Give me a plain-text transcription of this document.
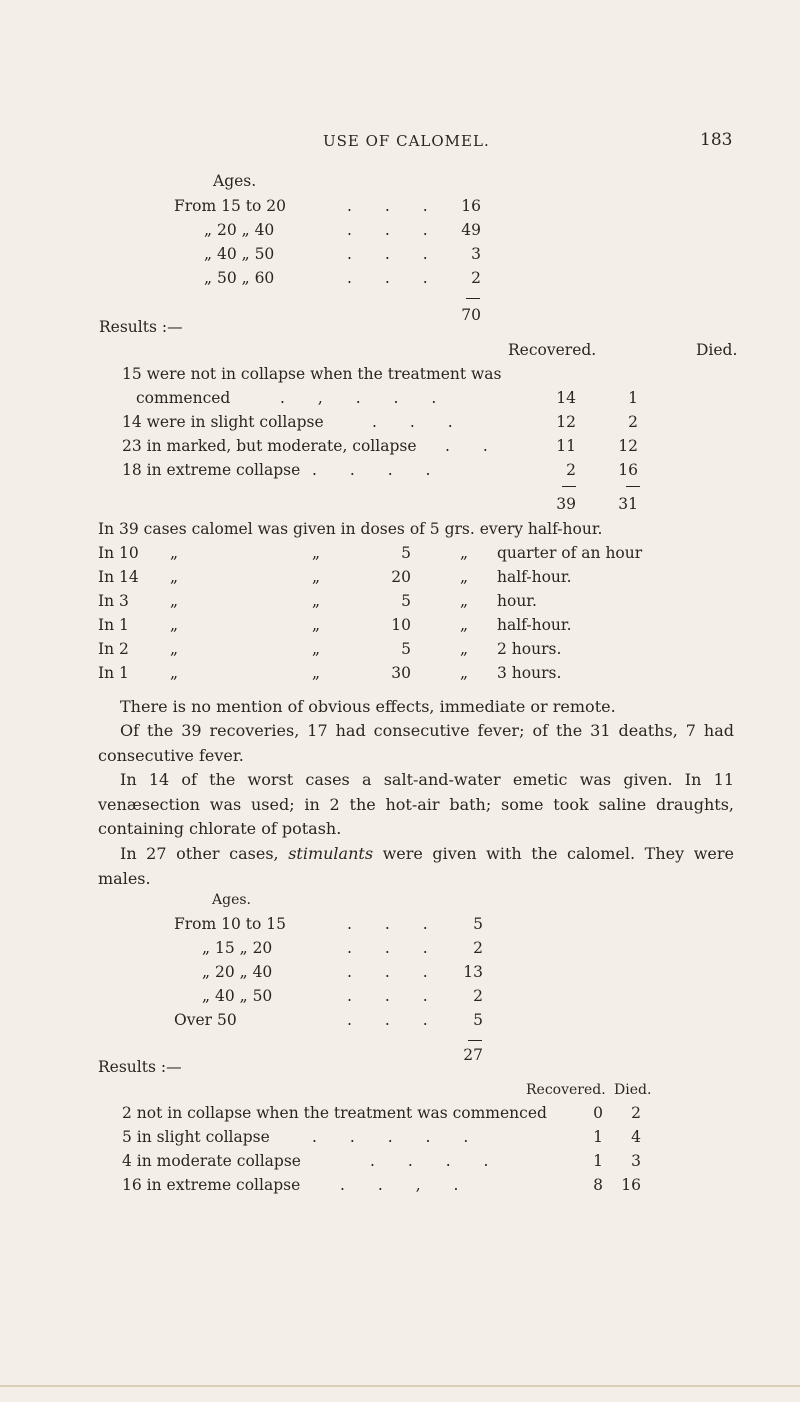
USE OF CALOMEL.	183
Ages.
From 15 to 20	. . .	16
„ 20 „ 40	. . .	49
„ 40 „ 50	. . .	3
„ 50 „ 60	. . .	2
70
Results :—
Recovered.	Died.
15 were not in collapse when the treatment was
commenced	. , . . .	14	1
14 were in slight collapse	. . .	12	2
23 in marked, but moderate, collapse . .	11	12
18 in extreme collapse . . . .	2	16
39	31
In 39 cases calomel was given in doses of 5 grs. every half-hour.
In 10 „	„	5	„ quarter of an hour
In 14 „	„	20	„ half-hour.
In 3	„	„	5	„ hour.
In 1	„	„	10	„ half-hour.
In 2	„	„	5	„ 2 hours.
In 1	„	„	30	„ 3 hours.
There is no mention of obvious effects, immediate or remote.
Of the 39 recoveries, 17 had consecutive fever; of the 31 deaths, 7 had consecutive fever.
In 14 of the worst cases a salt-and-water emetic was given. In 11 venæsection was used; in 2 the hot-air bath; some took saline draughts, containing chlorate of potash.
In 27 other cases, stimulants were given with the calomel. They were males.
Ages.
From 10 to 15	. . .	5
„ 15 „ 20	. . .	2
„ 20 „ 40	. . .	13
„ 40 „ 50	. . .	2
Over 50	. . .	5
27
Results :—
Recovered. Died.
2 not in collapse when the treatment was commenced	0	2
5 in slight collapse	. . . . .	1	4
4 in moderate collapse	. . . .	1	3
16 in extreme collapse	. . , .	8	16
